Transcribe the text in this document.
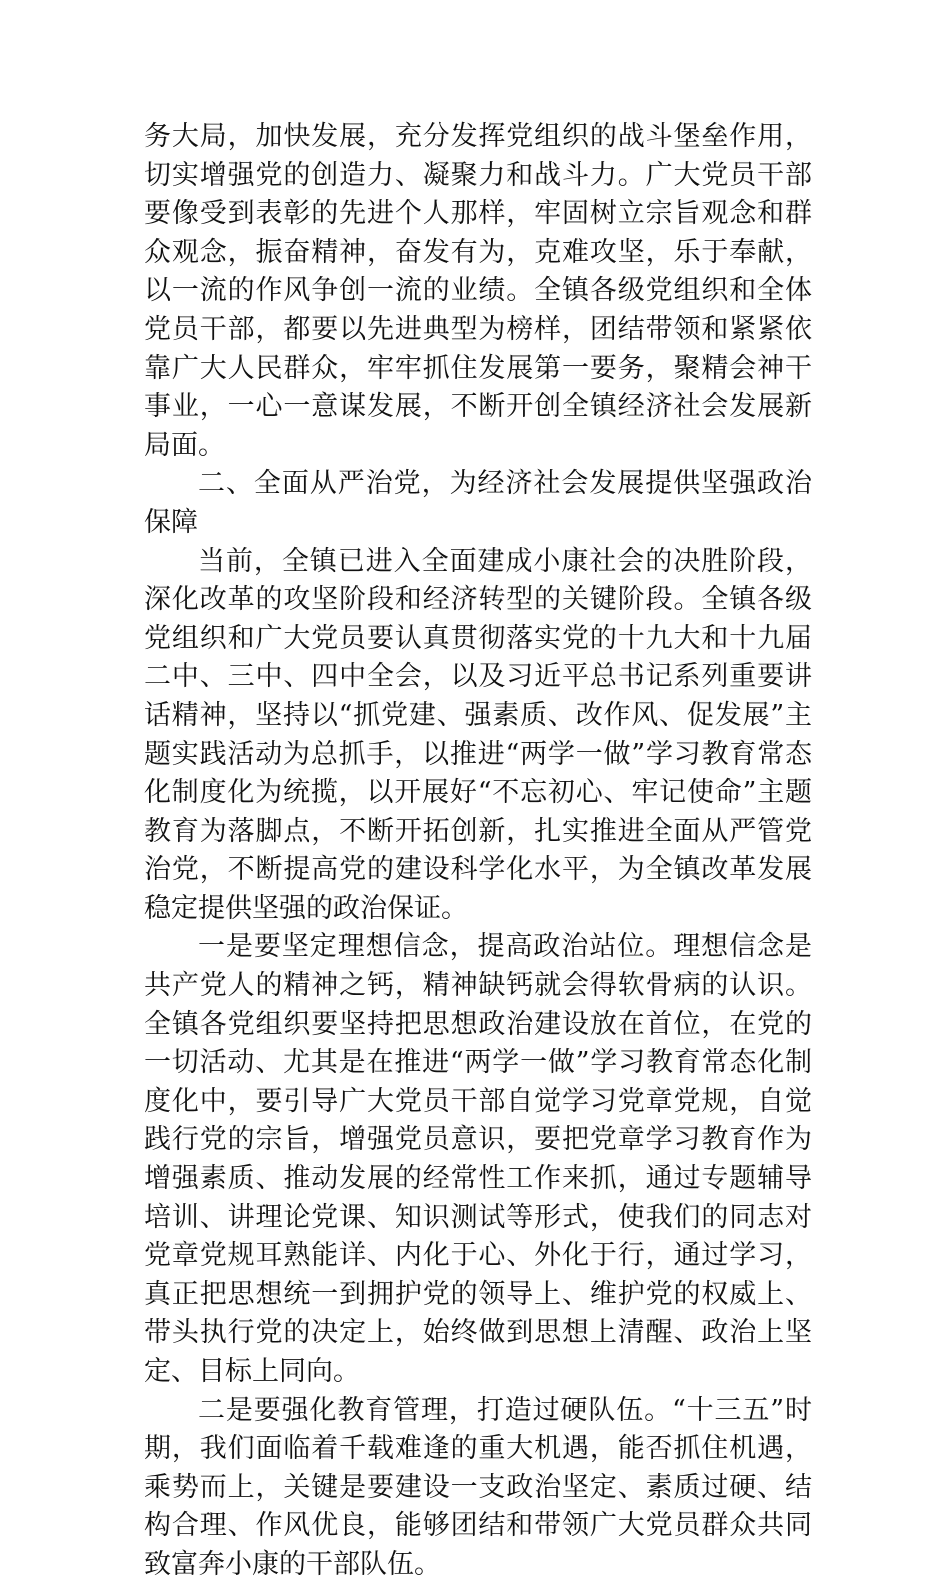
务大局，加快发展，充分发挥党组织的战斗堡垒作用，切实增强党的创造力、凝聚力和战斗力。广大党员干部要像受到表彰的先进个人那样，牢固树立宗旨观念和群众观念，振奋精神，奋发有为，克难攻坚，乐于奉献，以一流的作风争创一流的业绩。全镇各级党组织和全体党员干部，都要以先进典型为榜样，团结带领和紧紧依靠广大人民群众，牢牢抓住发展第一要务，聚精会神干事业，一心一意谋发展，不断开创全镇经济社会发展新局面。

二、全面从严治党，为经济社会发展提供坚强政治保障

当前，全镇已进入全面建成小康社会的决胜阶段，深化改革的攻坚阶段和经济转型的关键阶段。全镇各级党组织和广大党员要认真贯彻落实党的十九大和十九届二中、三中、四中全会，以及习近平总书记系列重要讲话精神，坚持以“抓党建、强素质、改作风、促发展”主题实践活动为总抓手，以推进“两学一做”学习教育常态化制度化为统揽，以开展好“不忘初心、牢记使命”主题教育为落脚点，不断开拓创新，扎实推进全面从严管党治党，不断提高党的建设科学化水平，为全镇改革发展稳定提供坚强的政治保证。

一是要坚定理想信念，提高政治站位。理想信念是共产党人的精神之钙，精神缺钙就会得软骨病的认识。全镇各党组织要坚持把思想政治建设放在首位，在党的一切活动、尤其是在推进“两学一做”学习教育常态化制度化中，要引导广大党员干部自觉学习党章党规，自觉践行党的宗旨，增强党员意识，要把党章学习教育作为增强素质、推动发展的经常性工作来抓，通过专题辅导培训、讲理论党课、知识测试等形式，使我们的同志对党章党规耳熟能详、内化于心、外化于行，通过学习，真正把思想统一到拥护党的领导上、维护党的权威上、带头执行党的决定上，始终做到思想上清醒、政治上坚定、目标上同向。

二是要强化教育管理，打造过硬队伍。“十三五”时期，我们面临着千载难逢的重大机遇，能否抓住机遇，乘势而上，关键是要建设一支政治坚定、素质过硬、结构合理、作风优良，能够团结和带领广大党员群众共同致富奔小康的干部队伍。
